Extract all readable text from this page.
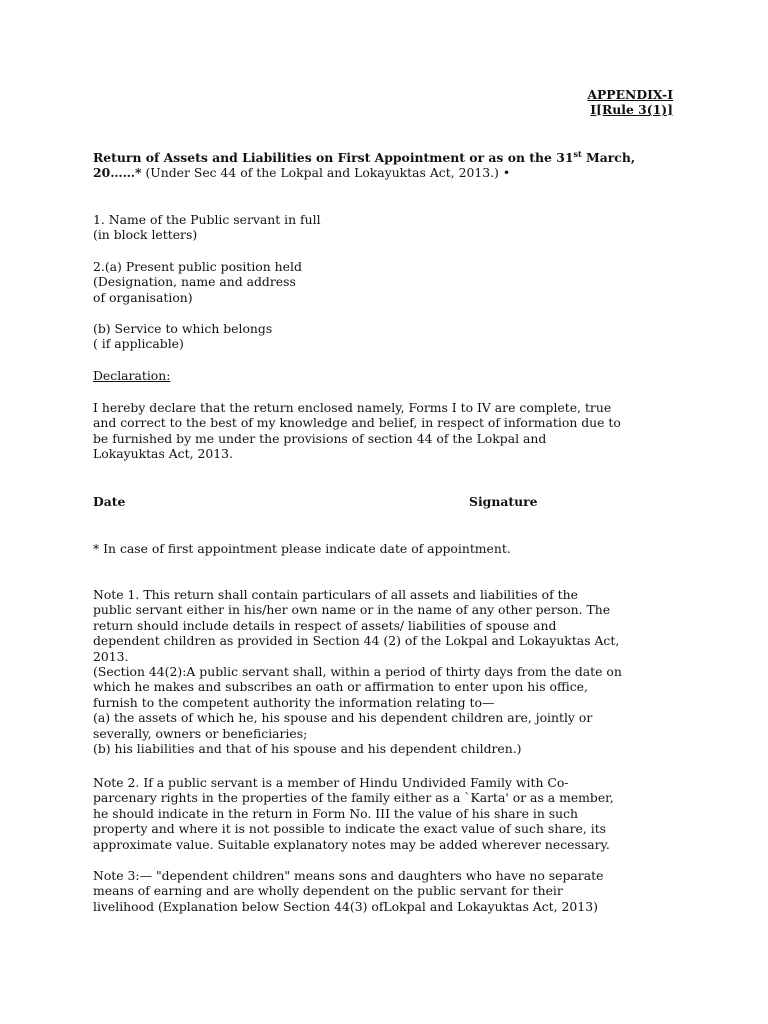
APPENDIX-I
I[Rule 3(1)]
Return of Assets and Liabilities on First Appointment or as on the 31st March,
20……* (Under Sec 44 of the Lokpal and Lokayuktas Act, 2013.) •
1. Name of the Public servant in full
(in block letters)
2.(a) Present public position held
(Designation, name and address
of organisation)
(b) Service to which belongs
( if applicable)
Declaration:
I hereby declare that the return enclosed namely, Forms I to IV are complete, true
and correct to the best of my knowledge and belief, in respect of information due to
be furnished by me under the provisions of section 44 of the Lokpal and
Lokayuktas Act, 2013.
Date	Signature
* In case of first appointment please indicate date of appointment.
Note 1. This return shall contain particulars of all assets and liabilities of the
public servant either in his/her own name or in the name of any other person. The
return should include details in respect of assets/ liabilities of spouse and
dependent children as provided in Section 44 (2) of the Lokpal and Lokayuktas Act,
2013.
(Section 44(2):A public servant shall, within a period of thirty days from the date on
which he makes and subscribes an oath or affirmation to enter upon his office,
furnish to the competent authority the information relating to—
(a) the assets of which he, his spouse and his dependent children are, jointly or
severally, owners or beneficiaries;
(b) his liabilities and that of his spouse and his dependent children.)
Note 2. If a public servant is a member of Hindu Undivided Family with Co-
parcenary rights in the properties of the family either as a `Karta' or as a member,
he should indicate in the return in Form No. III the value of his share in such
property and where it is not possible to indicate the exact value of such share, its
approximate value. Suitable explanatory notes may be added wherever necessary.
Note 3:— "dependent children" means sons and daughters who have no separate
means of earning and are wholly dependent on the public servant for their
livelihood (Explanation below Section 44(3) ofLokpal and Lokayuktas Act, 2013)
